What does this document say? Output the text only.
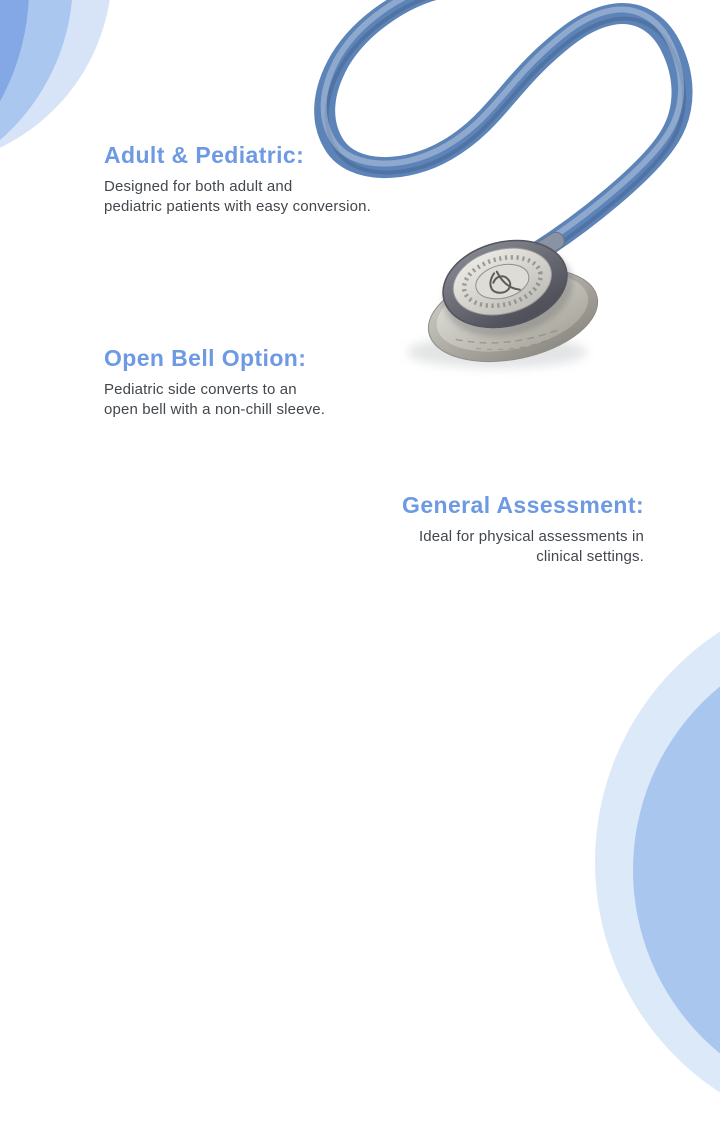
Adult & Pediatric:
Designed for both adult and
pediatric patients with easy conversion.
Open Bell Option:
Pediatric side converts to an
open bell with a non-chill sleeve.
General Assessment:
Ideal for physical assessments in
clinical settings.
